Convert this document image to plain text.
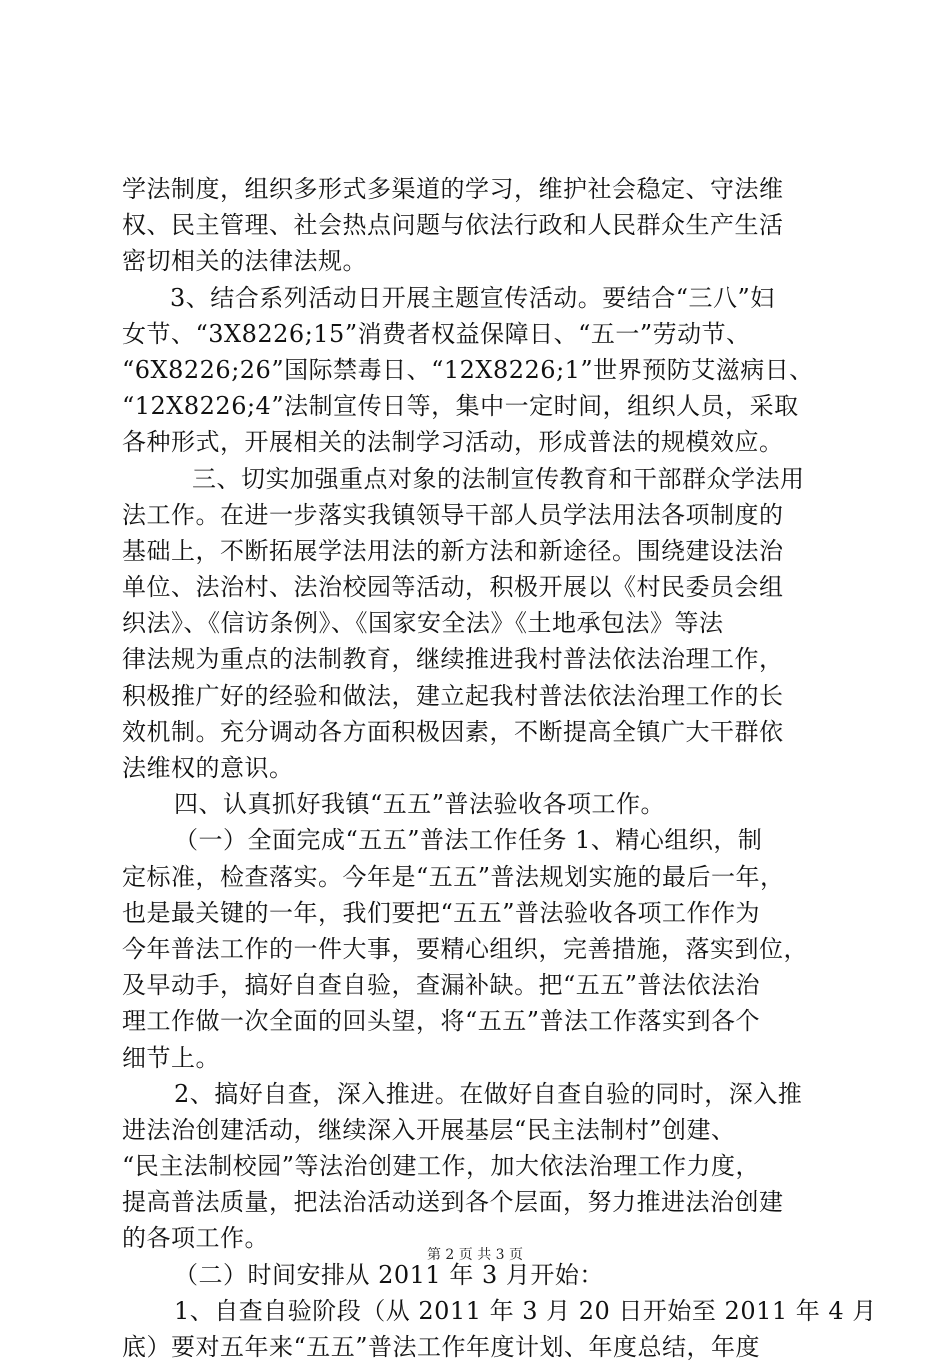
学法制度，组织多形式多渠道的学习，维护社会稳定、守法维
权、民主管理、社会热点问题与依法行政和人民群众生产生活
密切相关的法律法规。
3、结合系列活动日开展主题宣传活动。要结合“三八”妇
女节、“3X8226;15”消费者权益保障日、“五一”劳动节、
“6X8226;26”国际禁毒日、“12X8226;1”世界预防艾滋病日、
“12X8226;4”法制宣传日等，集中一定时间，组织人员，采取
各种形式，开展相关的法制学习活动，形成普法的规模效应。
三、切实加强重点对象的法制宣传教育和干部群众学法用
法工作。在进一步落实我镇领导干部人员学法用法各项制度的
基础上，不断拓展学法用法的新方法和新途径。围绕建设法治
单位、法治村、法治校园等活动，积极开展以《村民委员会组
织法》、《信访条例》、《国家安全法》《土地承包法》等法
律法规为重点的法制教育，继续推进我村普法依法治理工作，
积极推广好的经验和做法，建立起我村普法依法治理工作的长
效机制。充分调动各方面积极因素，不断提高全镇广大干群依
法维权的意识。
四、认真抓好我镇“五五”普法验收各项工作。
（一）全面完成“五五”普法工作任务 1、精心组织，制
定标准，检查落实。今年是“五五”普法规划实施的最后一年，
也是最关键的一年，我们要把“五五”普法验收各项工作作为
今年普法工作的一件大事，要精心组织，完善措施，落实到位，
及早动手，搞好自查自验，查漏补缺。把“五五”普法依法治
理工作做一次全面的回头望，将“五五”普法工作落实到各个
细节上。
2、搞好自查，深入推进。在做好自查自验的同时，深入推
进法治创建活动，继续深入开展基层“民主法制村”创建、
“民主法制校园”等法治创建工作，加大依法治理工作力度，
提高普法质量，把法治活动送到各个层面，努力推进法治创建
的各项工作。
（二）时间安排从 2011 年 3 月开始：
1、自查自验阶段（从 2011 年 3 月 20 日开始至 2011 年 4 月
底）要对五年来“五五”普法工作年度计划、年度总结，年度
第 2 页 共 3 页
